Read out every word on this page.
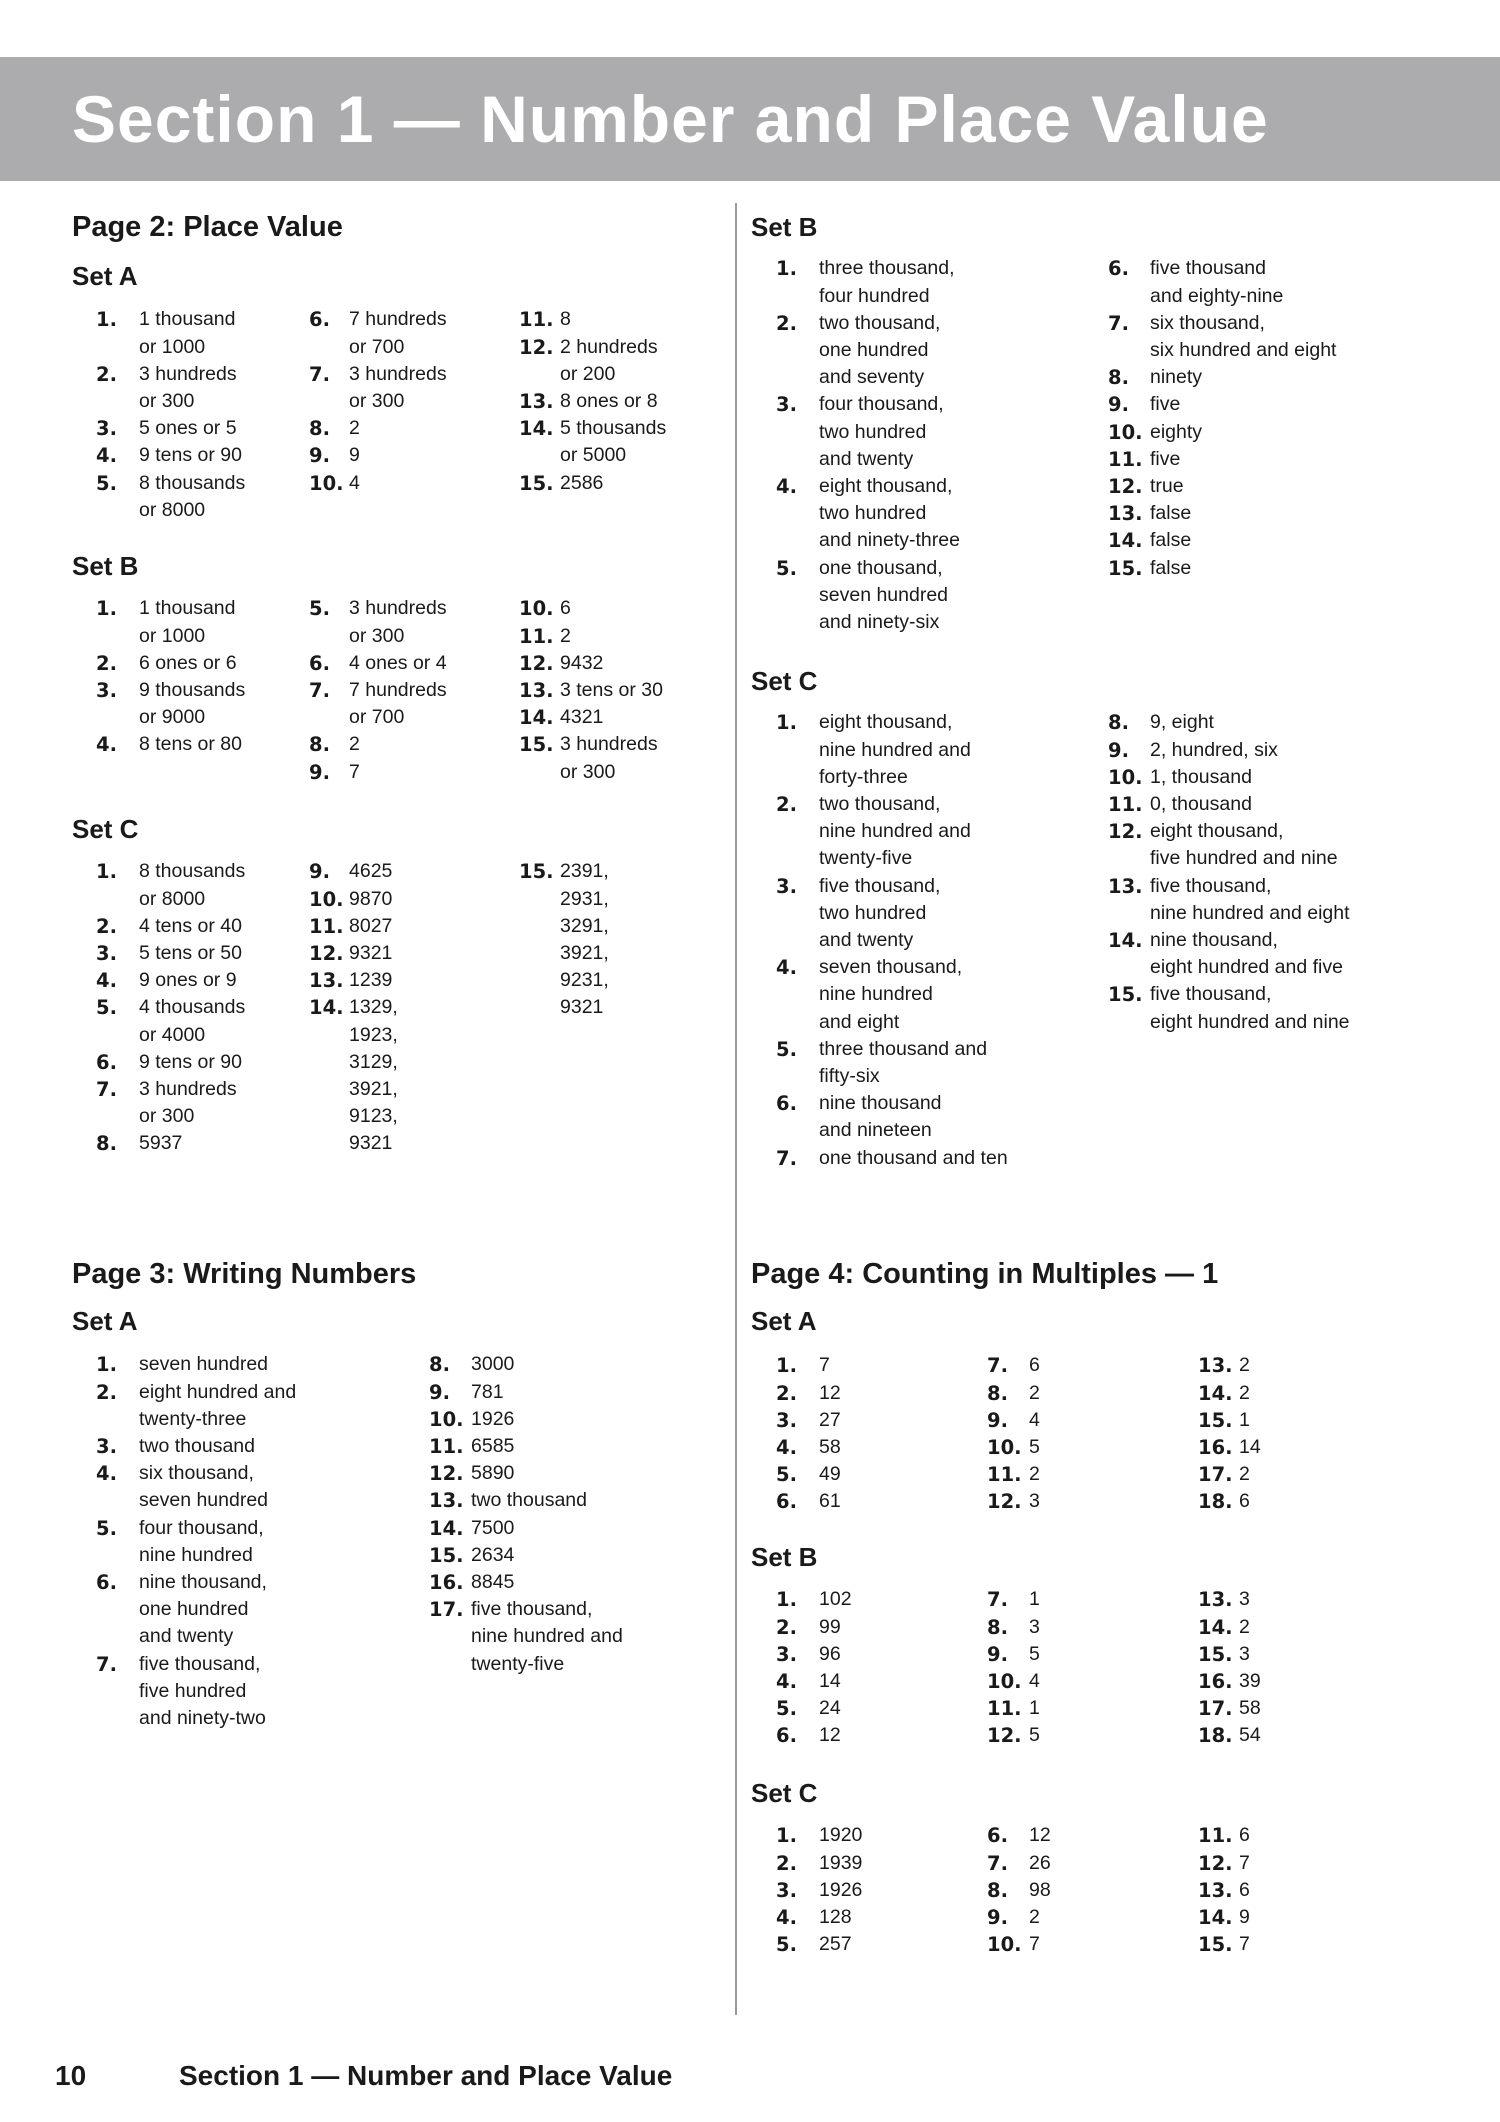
Section 1 — Number and Place Value
Page 2: Place Value
Set A
1. 1 thousand
or 1000
2. 3 hundreds
or 300
3. 5 ones or 5
4. 9 tens or 90
5. 8 thousands
or 8000
6. 7 hundreds
or 700
7. 3 hundreds
or 300
8. 2
9. 9
10. 4
11. 8
12. 2 hundreds
or 200
13. 8 ones or 8
14. 5 thousands
or 5000
15. 2586
Set B
1. 1 thousand
or 1000
2. 6 ones or 6
3. 9 thousands
or 9000
4. 8 tens or 80
5. 3 hundreds
or 300
6. 4 ones or 4
7. 7 hundreds
or 700
8. 2
9. 7
10. 6
11. 2
12. 9432
13. 3 tens or 30
14. 4321
15. 3 hundreds
or 300
Set C
1. 8 thousands
or 8000
2. 4 tens or 40
3. 5 tens or 50
4. 9 ones or 9
5. 4 thousands
or 4000
6. 9 tens or 90
7. 3 hundreds
or 300
8. 5937
9. 4625
10. 9870
11. 8027
12. 9321
13. 1239
14. 1329,
1923,
3129,
3921,
9123,
9321
15. 2391,
2931,
3291,
3921,
9231,
9321
Set B
1. three thousand,
four hundred
2. two thousand,
one hundred
and seventy
3. four thousand,
two hundred
and twenty
4. eight thousand,
two hundred
and ninety-three
5. one thousand,
seven hundred
and ninety-six
6. five thousand
and eighty-nine
7. six thousand,
six hundred and eight
8. ninety
9. five
10. eighty
11. five
12. true
13. false
14. false
15. false
Set C
1. eight thousand,
nine hundred and
forty-three
2. two thousand,
nine hundred and
twenty-five
3. five thousand,
two hundred
and twenty
4. seven thousand,
nine hundred
and eight
5. three thousand and
fifty-six
6. nine thousand
and nineteen
7. one thousand and ten
8. 9, eight
9. 2, hundred, six
10. 1, thousand
11. 0, thousand
12. eight thousand,
five hundred and nine
13. five thousand,
nine hundred and eight
14. nine thousand,
eight hundred and five
15. five thousand,
eight hundred and nine
Page 3: Writing Numbers
Set A
1. seven hundred
2. eight hundred and
twenty-three
3. two thousand
4. six thousand,
seven hundred
5. four thousand,
nine hundred
6. nine thousand,
one hundred
and twenty
7. five thousand,
five hundred
and ninety-two
8. 3000
9. 781
10. 1926
11. 6585
12. 5890
13. two thousand
14. 7500
15. 2634
16. 8845
17. five thousand,
nine hundred and
twenty-five
Page 4: Counting in Multiples — 1
Set A
1. 7
2. 12
3. 27
4. 58
5. 49
6. 61
7. 6
8. 2
9. 4
10. 5
11. 2
12. 3
13. 2
14. 2
15. 1
16. 14
17. 2
18. 6
Set B
1. 102
2. 99
3. 96
4. 14
5. 24
6. 12
7. 1
8. 3
9. 5
10. 4
11. 1
12. 5
13. 3
14. 2
15. 3
16. 39
17. 58
18. 54
Set C
1. 1920
2. 1939
3. 1926
4. 128
5. 257
6. 12
7. 26
8. 98
9. 2
10. 7
11. 6
12. 7
13. 6
14. 9
15. 7
10	Section 1 — Number and Place Value
